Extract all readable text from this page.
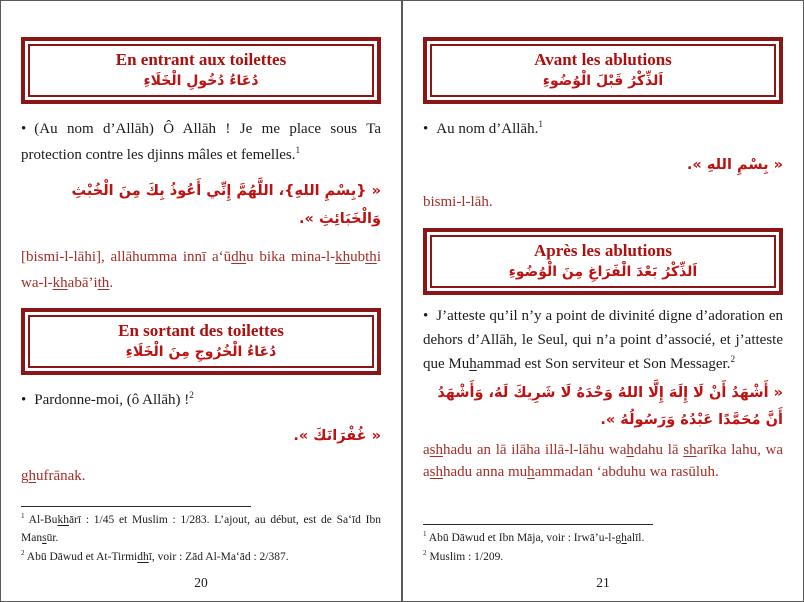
En entrant aux toilettes
دُعَاءُ دُخُولِ الْخَلَاءِ

• (Au nom d’Allāh) Ô Allāh ! Je me place sous Ta protection contre les djinns mâles et femelles.$^1$

« {بِسْمِ اللهِ}، اللَّهُمَّ إِنِّي أَعُوذُ بِكَ مِنَ الْخُبْثِ وَالْخَبَائِثِ ».

[bismi-l-lāhi], allāhumma innī a‘ūdhu bika mina-l-khubthi wa-l-khabā’ith.

En sortant des toilettes
دُعَاءُ الْخُرُوجِ مِنَ الْخَلَاءِ

• Pardonne-moi, (ô Allāh) !$^2$

« غُفْرَانَكَ ».

ghufrānak.

$^1$ Al-Bukhārī : 1/45 et Muslim : 1/283. L’ajout, au début, est de Sa‘īd Ibn Mansūr.

$^2$ Abū Dāwud et At-Tirmidhī, voir : Zād Al-Ma‘ād : 2/387.

20
Avant les ablutions
اَلذِّكْرُ قَبْلَ الْوُضُوءِ

• Au nom d’Allāh.$^1$

« بِسْمِ اللهِ ».

bismi-l-lāh.

Après les ablutions
اَلذِّكْرُ بَعْدَ الْفَرَاغِ مِنَ الْوُضُوءِ

• J’atteste qu’il n’y a point de divinité digne d’adoration en dehors d’Allāh, le Seul, qui n’a point d’associé, et j’atteste que Muhammad est Son serviteur et Son Messager.$^2$

« أَشْهَدُ أَنْ لَا إِلَهَ إِلَّا اللهُ وَحْدَهُ لَا شَرِيكَ لَهُ، وَأَشْهَدُ أَنَّ مُحَمَّدًا عَبْدُهُ وَرَسُولُهُ ».

ashhadu an lā ilāha illā-l-lāhu wahdahu lā sharīka lahu, wa ashhadu anna muhammadan ‘abduhu wa rasūluh.

$^1$ Abū Dāwud et Ibn Māja, voir : Irwā’u-l-ghalīl.

$^2$ Muslim : 1/209.

21
